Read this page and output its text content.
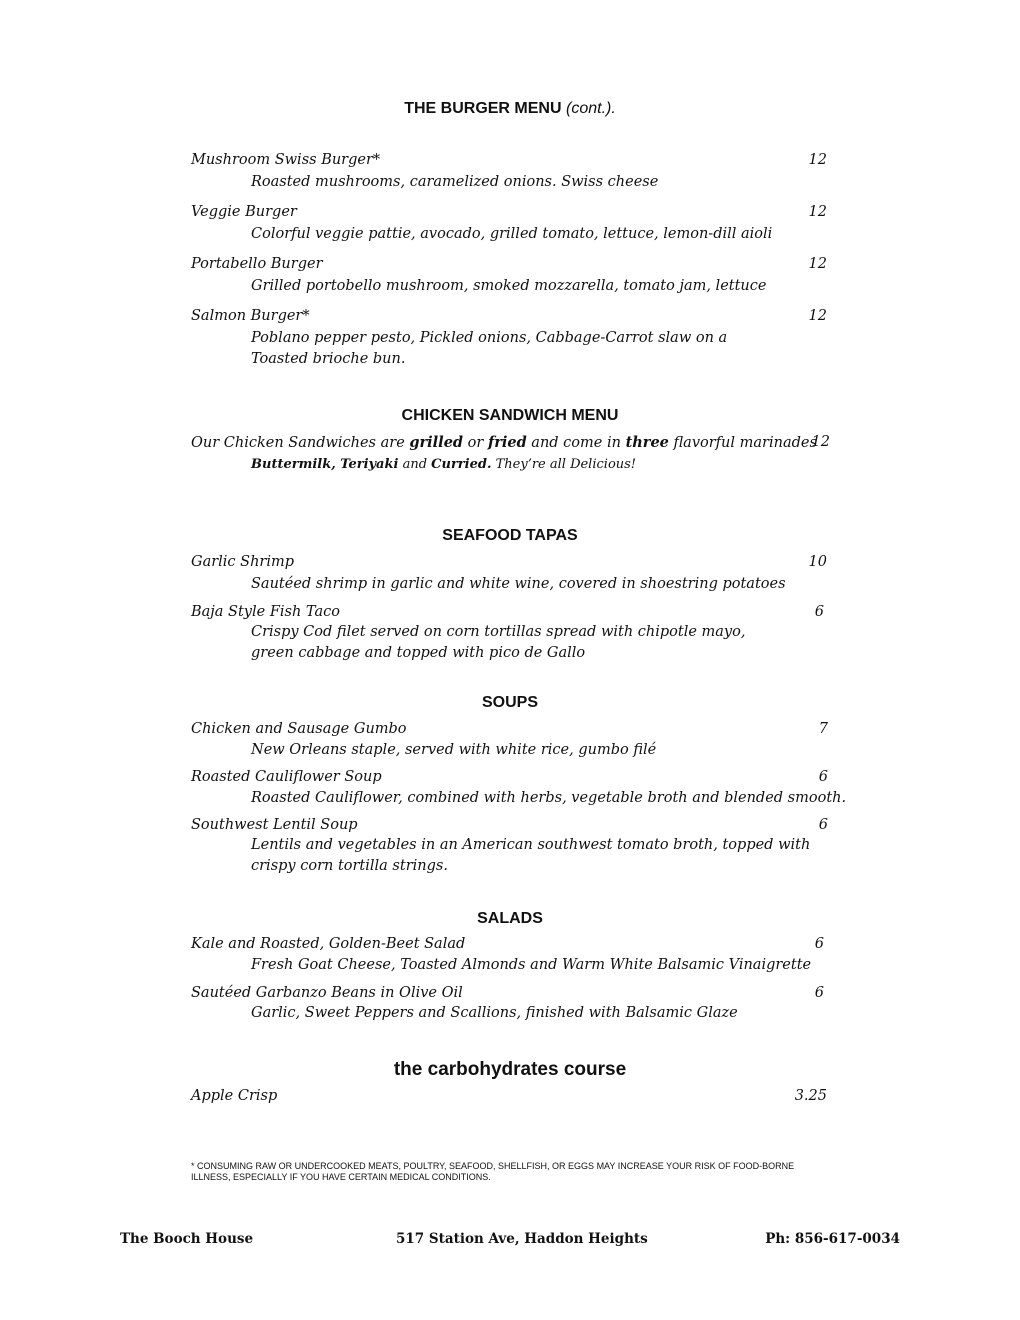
THE BURGER MENU (cont.).
Mushroom Swiss Burger*	12
Roasted mushrooms, caramelized onions. Swiss cheese
Veggie Burger	12
Colorful veggie pattie, avocado, grilled tomato, lettuce, lemon-dill aioli
Portabello Burger	12
Grilled portobello mushroom, smoked mozzarella, tomato jam, lettuce
Salmon Burger*	12
Poblano pepper pesto, Pickled onions, Cabbage-Carrot slaw on a
Toasted brioche bun.
CHICKEN SANDWICH MENU
Our Chicken Sandwiches are grilled or fried and come in three flavorful marinades
12
Buttermilk, Teriyaki and Curried. They’re all Delicious!
SEAFOOD TAPAS
Garlic Shrimp	10
Sautéed shrimp in garlic and white wine, covered in shoestring potatoes
Baja Style Fish Taco	6
Crispy Cod filet served on corn tortillas spread with chipotle mayo,
green cabbage and topped with pico de Gallo
SOUPS
Chicken and Sausage Gumbo	7
New Orleans staple, served with white rice, gumbo filé
Roasted Cauliflower Soup	6
Roasted Cauliflower, combined with herbs, vegetable broth and blended smooth.
Southwest Lentil Soup	6
Lentils and vegetables in an American southwest tomato broth, topped with
crispy corn tortilla strings.
SALADS
Kale and Roasted, Golden-Beet Salad	6
Fresh Goat Cheese, Toasted Almonds and Warm White Balsamic Vinaigrette
Sautéed Garbanzo Beans in Olive Oil	6
Garlic, Sweet Peppers and Scallions, finished with Balsamic Glaze
the carbohydrates course
Apple Crisp	3.25
* CONSUMING RAW OR UNDERCOOKED MEATS, POULTRY, SEAFOOD, SHELLFISH, OR EGGS MAY INCREASE YOUR RISK OF FOOD-BORNE ILLNESS, ESPECIALLY IF YOU HAVE CERTAIN MEDICAL CONDITIONS.
The Booch House	517 Station Ave, Haddon Heights	Ph: 856-617-0034
